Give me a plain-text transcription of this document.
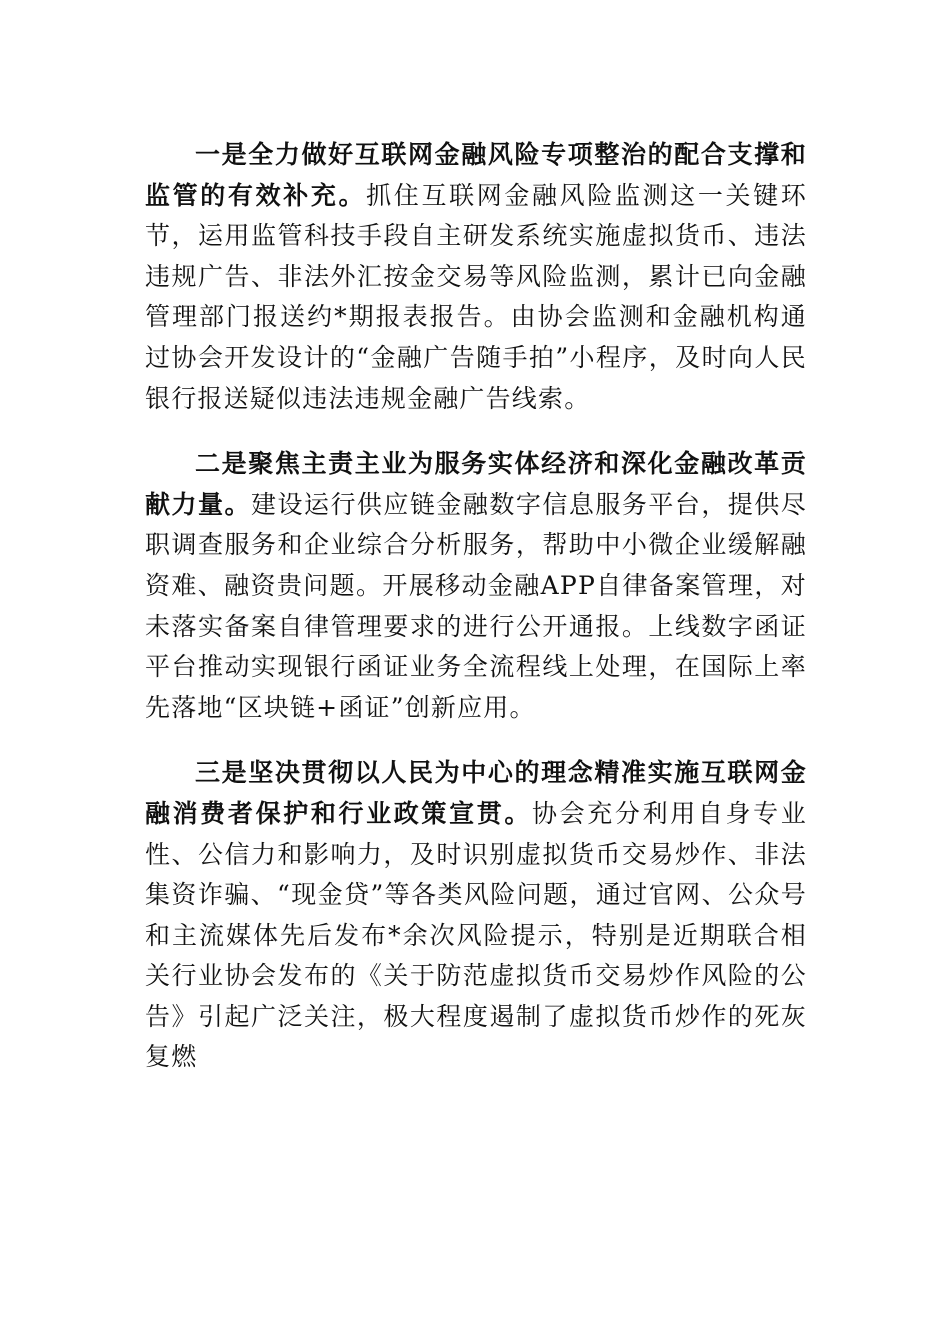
一是全力做好互联网金融风险专项整治的配合支撑和监管的有效补充。抓住互联网金融风险监测这一关键环节，运用监管科技手段自主研发系统实施虚拟货币、违法违规广告、非法外汇按金交易等风险监测，累计已向金融管理部门报送约*期报表报告。由协会监测和金融机构通过协会开发设计的“金融广告随手拍”小程序，及时向人民银行报送疑似违法违规金融广告线索。

二是聚焦主责主业为服务实体经济和深化金融改革贡献力量。建设运行供应链金融数字信息服务平台，提供尽职调查服务和企业综合分析服务，帮助中小微企业缓解融资难、融资贵问题。开展移动金融APP自律备案管理，对未落实备案自律管理要求的进行公开通报。上线数字函证平台推动实现银行函证业务全流程线上处理，在国际上率先落地“区块链+函证”创新应用。

三是坚决贯彻以人民为中心的理念精准实施互联网金融消费者保护和行业政策宣贯。协会充分利用自身专业性、公信力和影响力，及时识别虚拟货币交易炒作、非法集资诈骗、“现金贷”等各类风险问题，通过官网、公众号和主流媒体先后发布*余次风险提示，特别是近期联合相关行业协会发布的《关于防范虚拟货币交易炒作风险的公告》引起广泛关注，极大程度遏制了虚拟货币炒作的死灰复燃
